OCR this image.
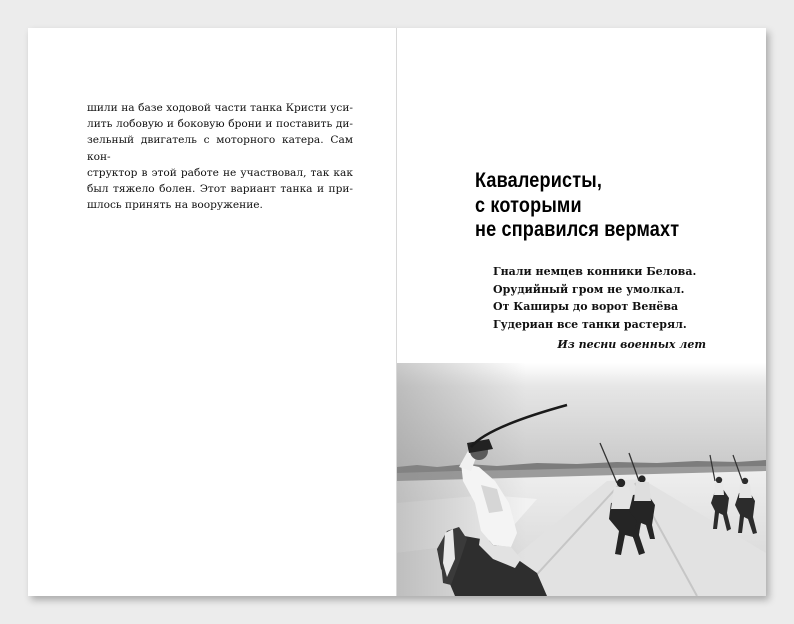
шили на базе ходовой части танка Кристи уси-
лить лобовую и боковую брони и поставить ди-
зельный двигатель с моторного катера. Сам кон-
структор в этой работе не участвовал, так как
был тяжело болен. Этот вариант танка и при-
шлось принять на вооружение.

Кавалеристы,
с которыми
не справился вермахт
Гнали немцев конники Белова.
Орудийный гром не умолкал.
От Каширы до ворот Венёва
Гудериан все танки растерял.
Из песни военных лет
